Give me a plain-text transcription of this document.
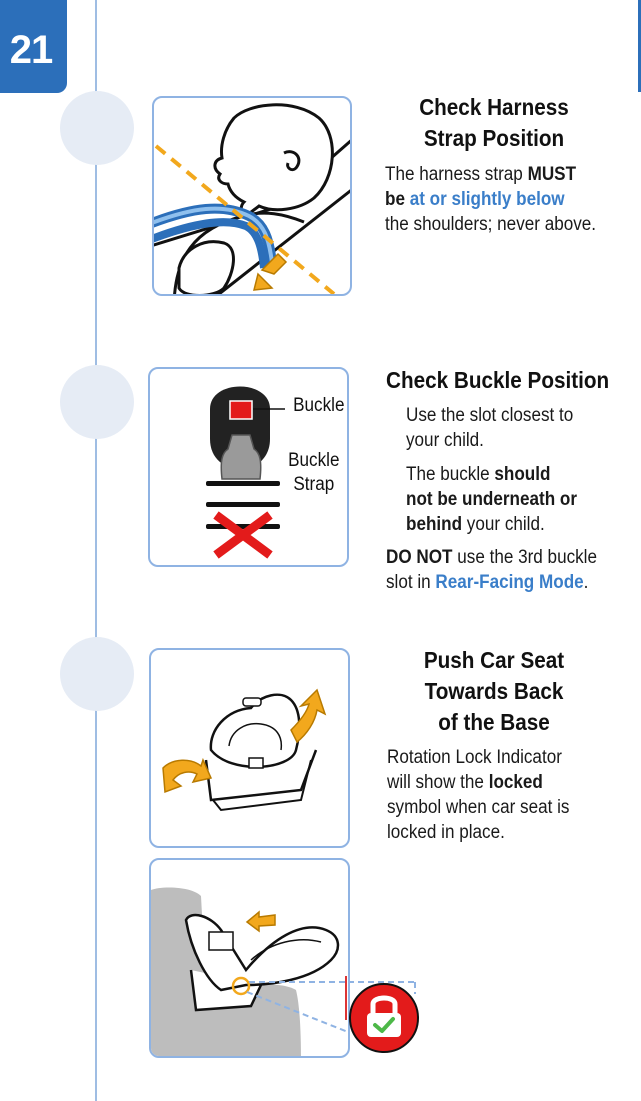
21
Check Harness
Strap Position
The harness strap MUST
be at or slightly below
the shoulders; never above.
Buckle
Buckle
Strap
Check Buckle Position
Use the slot closest to
your child.
The buckle should
not be underneath or
behind your child.
DO NOT use the 3rd buckle
slot in Rear-Facing Mode.
Push Car Seat
Towards Back
of the Base
Rotation Lock Indicator
will show the locked
symbol when car seat is
locked in place.
